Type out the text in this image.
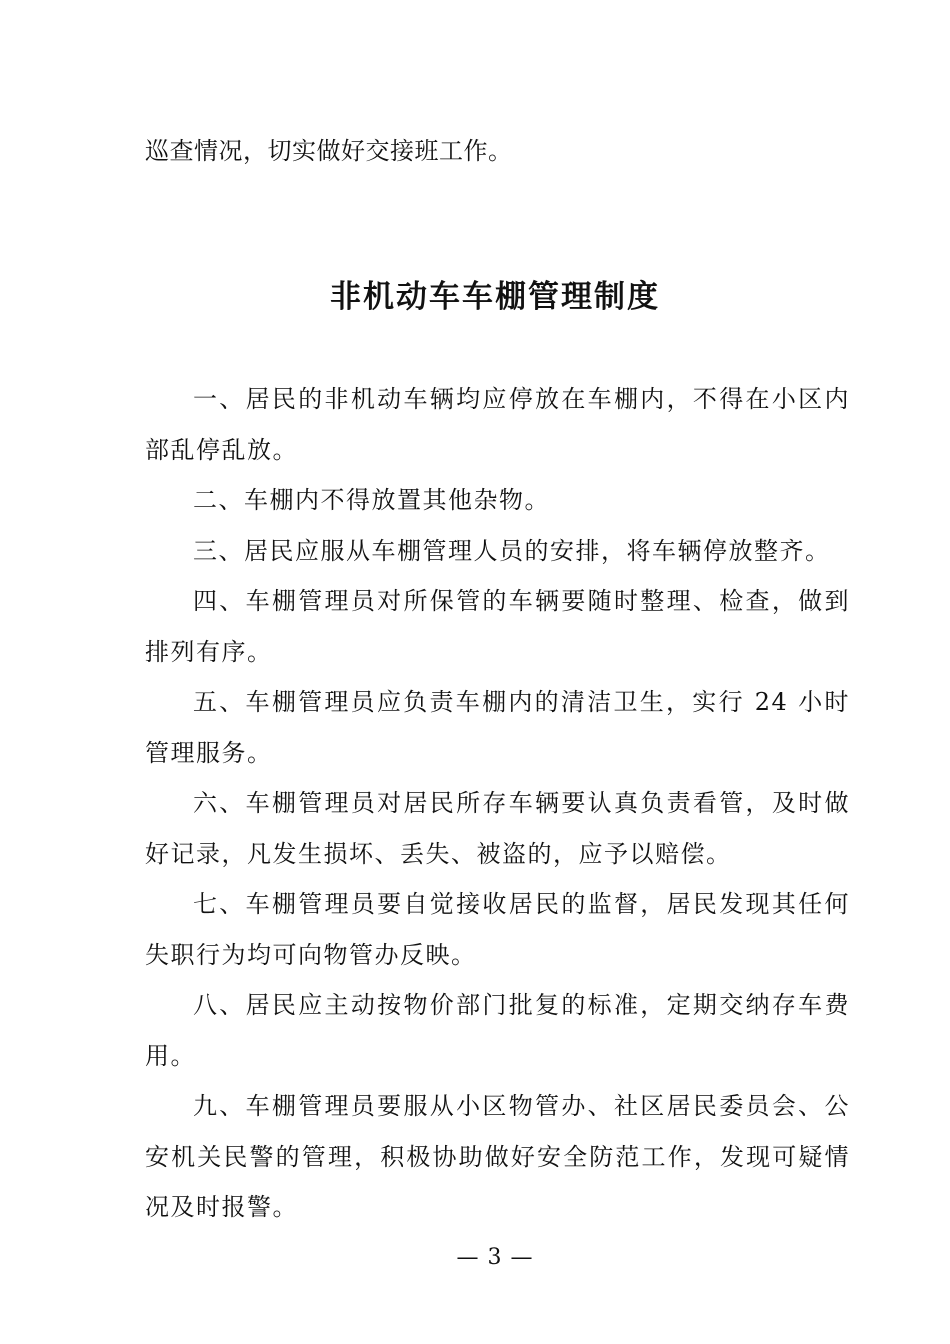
巡查情况，切实做好交接班工作。

非机动车车棚管理制度

一、居民的非机动车辆均应停放在车棚内，不得在小区内部乱停乱放。

二、车棚内不得放置其他杂物。

三、居民应服从车棚管理人员的安排，将车辆停放整齐。

四、车棚管理员对所保管的车辆要随时整理、检查，做到排列有序。

五、车棚管理员应负责车棚内的清洁卫生，实行 24 小时管理服务。

六、车棚管理员对居民所存车辆要认真负责看管，及时做好记录，凡发生损坏、丢失、被盗的，应予以赔偿。

七、车棚管理员要自觉接收居民的监督，居民发现其任何失职行为均可向物管办反映。

八、居民应主动按物价部门批复的标准，定期交纳存车费用。

九、车棚管理员要服从小区物管办、社区居民委员会、公安机关民警的管理，积极协助做好安全防范工作，发现可疑情况及时报警。

— 3 —
